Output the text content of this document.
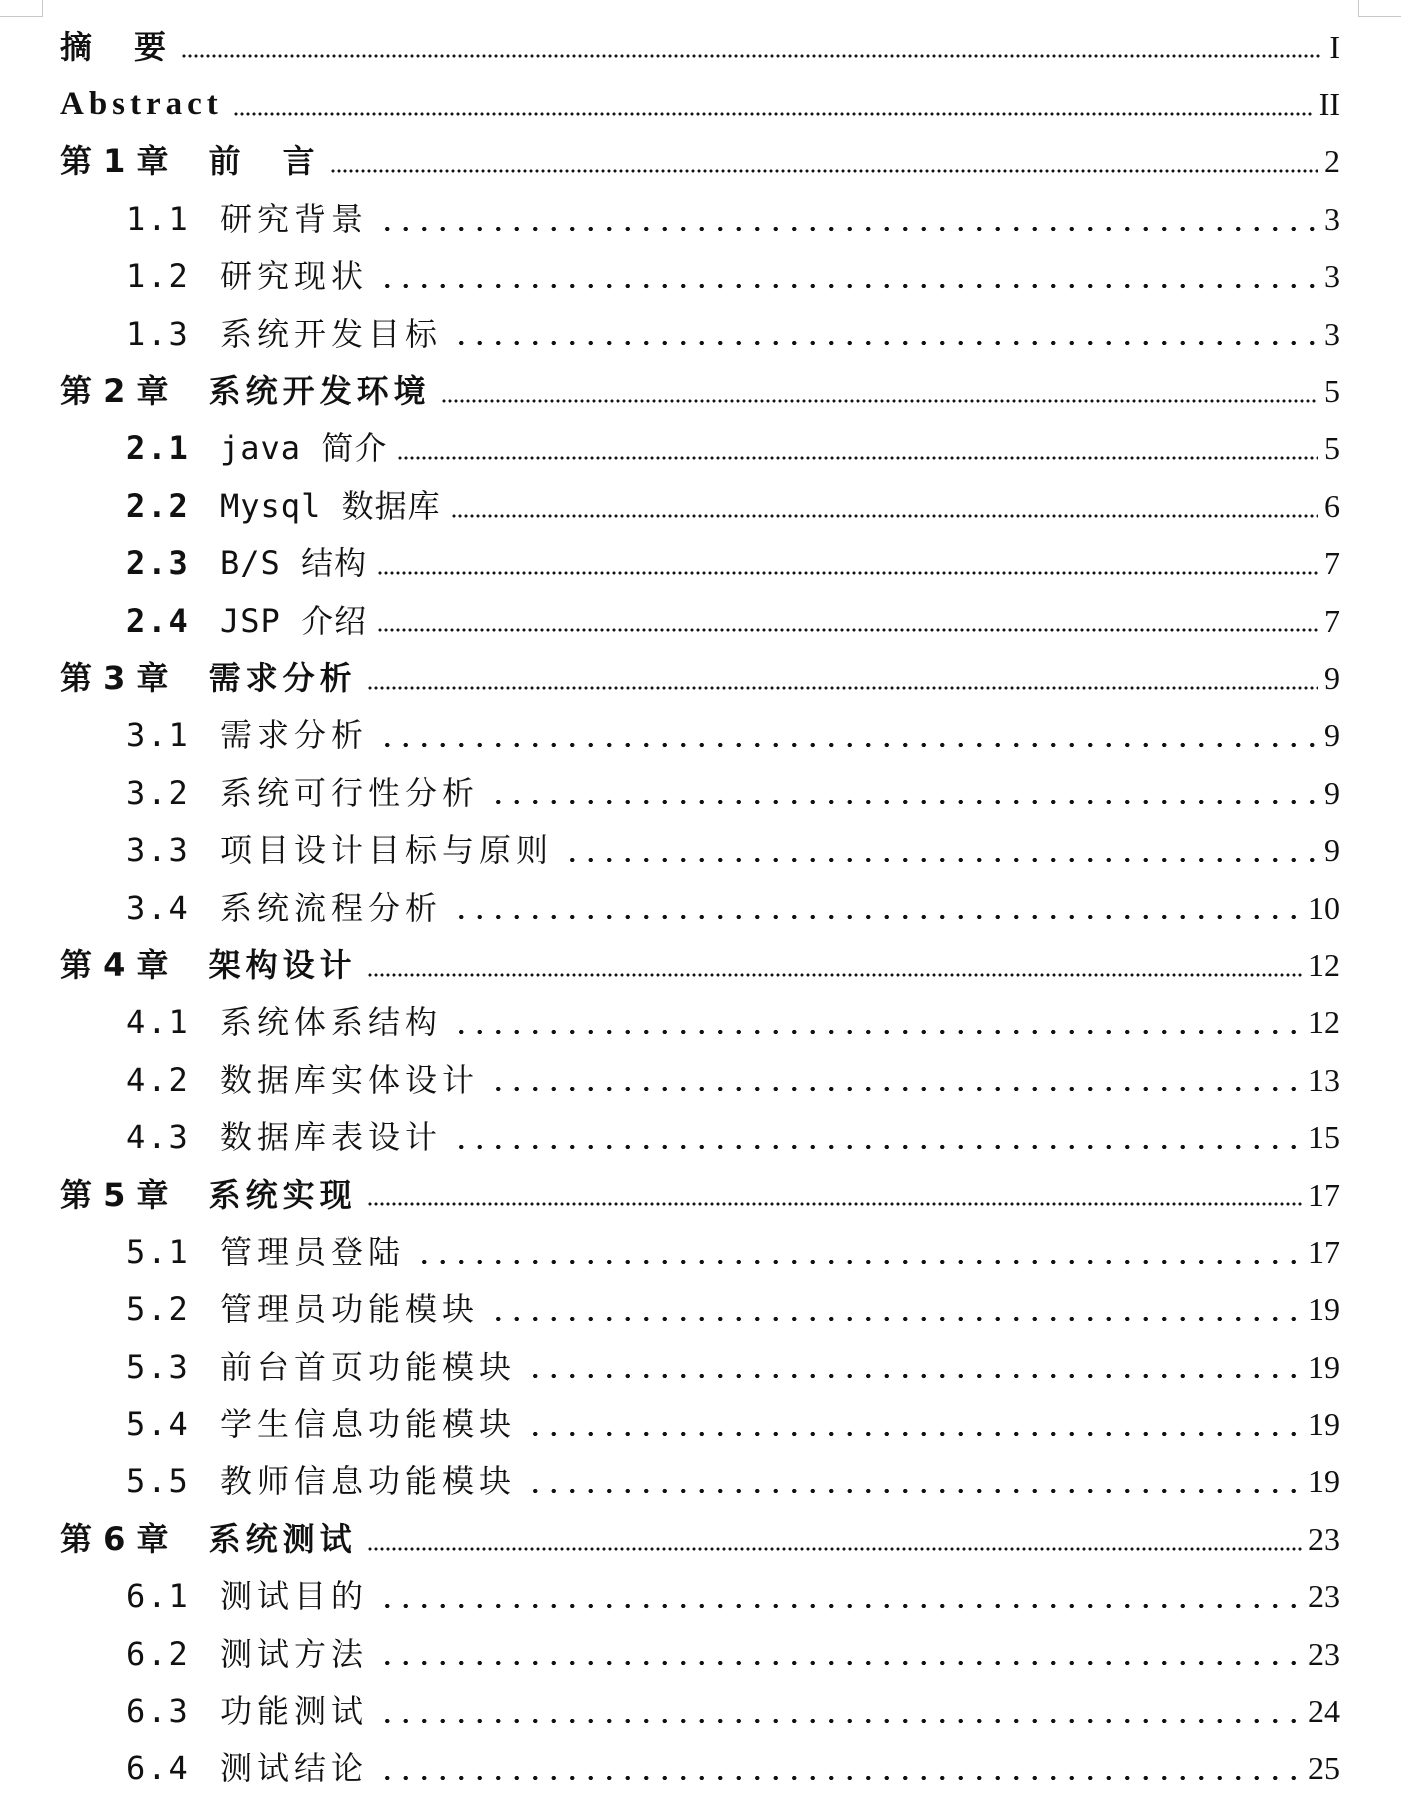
摘　要	I
Abstract	II
第 1 章 前　言	2
1.1 研究背景	3
1.2 研究现状	3
1.3 系统开发目标	3
第 2 章 系统开发环境	5
2.1 java 简介	5
2.2 Mysql 数据库	6
2.3 B/S 结构	7
2.4 JSP 介绍	7
第 3 章 需求分析	9
3.1 需求分析	9
3.2 系统可行性分析	9
3.3 项目设计目标与原则	9
3.4 系统流程分析	10
第 4 章 架构设计	12
4.1 系统体系结构	12
4.2 数据库实体设计	13
4.3 数据库表设计	15
第 5 章 系统实现	17
5.1 管理员登陆	17
5.2 管理员功能模块	19
5.3 前台首页功能模块	19
5.4 学生信息功能模块	19
5.5 教师信息功能模块	19
第 6 章 系统测试	23
6.1 测试目的	23
6.2 测试方法	23
6.3 功能测试	24
6.4 测试结论	25
